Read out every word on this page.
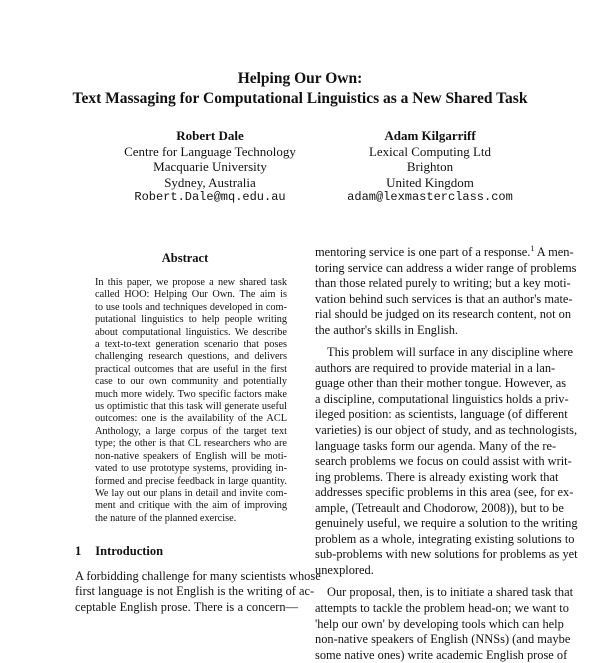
Helping Our Own:
Text Massaging for Computational Linguistics as a New Shared Task
Robert Dale
Centre for Language Technology
Macquarie University
Sydney, Australia
Robert.Dale@mq.edu.au
Adam Kilgarriff
Lexical Computing Ltd
Brighton
United Kingdom
adam@lexmasterclass.com
Abstract
In this paper, we propose a new shared task
called HOO: Helping Our Own. The aim is
to use tools and techniques developed in com-
putational linguistics to help people writing
about computational linguistics. We describe
a text-to-text generation scenario that poses
challenging research questions, and delivers
practical outcomes that are useful in the first
case to our own community and potentially
much more widely. Two specific factors make
us optimistic that this task will generate useful
outcomes: one is the availability of the ACL
Anthology, a large corpus of the target text
type; the other is that CL researchers who are
non-native speakers of English will be moti-
vated to use prototype systems, providing in-
formed and precise feedback in large quantity.
We lay out our plans in detail and invite com-
ment and critique with the aim of improving
the nature of the planned exercise.
1 Introduction
A forbidding challenge for many scientists whose
first language is not English is the writing of ac-
ceptable English prose. There is a concern—
mentoring service is one part of a response.$^1$ A men-
toring service can address a wider range of problems
than those related purely to writing; but a key moti-
vation behind such services is that an author's mate-
rial should be judged on its research content, not on
the author's skills in English.
This problem will surface in any discipline where
authors are required to provide material in a lan-
guage other than their mother tongue. However, as
a discipline, computational linguistics holds a priv-
ileged position: as scientists, language (of different
varieties) is our object of study, and as technologists,
language tasks form our agenda. Many of the re-
search problems we focus on could assist with writ-
ing problems. There is already existing work that
addresses specific problems in this area (see, for ex-
ample, (Tetreault and Chodorow, 2008)), but to be
genuinely useful, we require a solution to the writing
problem as a whole, integrating existing solutions to
sub-problems with new solutions for problems as yet
unexplored.
Our proposal, then, is to initiate a shared task that
attempts to tackle the problem head-on; we want to
'help our own' by developing tools which can help
non-native speakers of English (NNSs) (and maybe
some native ones) write academic English prose of
